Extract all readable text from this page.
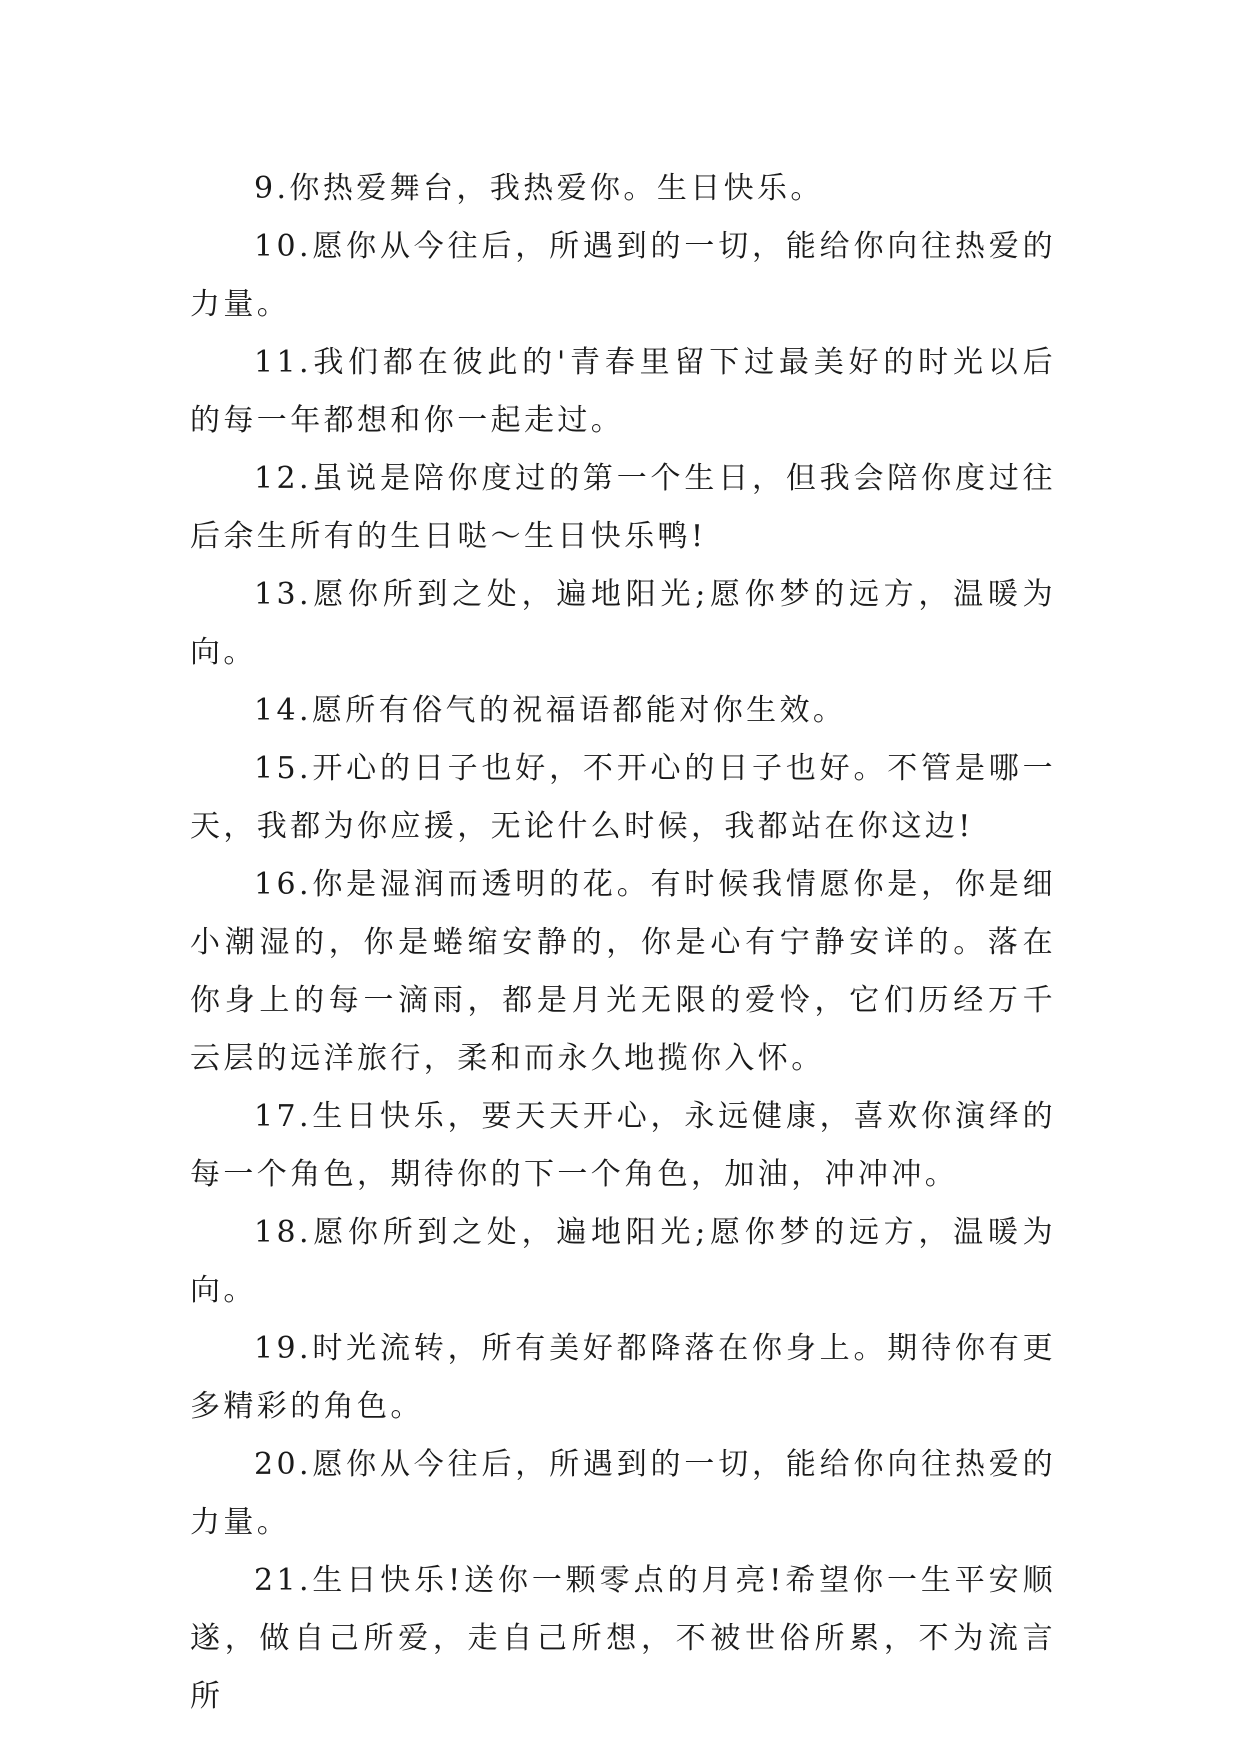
9.你热爱舞台，我热爱你。生日快乐。

10.愿你从今往后，所遇到的一切，能给你向往热爱的力量。

11.我们都在彼此的'青春里留下过最美好的时光以后的每一年都想和你一起走过。

12.虽说是陪你度过的第一个生日，但我会陪你度过往后余生所有的生日哒～生日快乐鸭!

13.愿你所到之处，遍地阳光;愿你梦的远方，温暖为向。

14.愿所有俗气的祝福语都能对你生效。

15.开心的日子也好，不开心的日子也好。不管是哪一天，我都为你应援，无论什么时候，我都站在你这边!

16.你是湿润而透明的花。有时候我情愿你是，你是细小潮湿的，你是蜷缩安静的，你是心有宁静安详的。落在你身上的每一滴雨，都是月光无限的爱怜，它们历经万千云层的远洋旅行，柔和而永久地揽你入怀。

17.生日快乐，要天天开心，永远健康，喜欢你演绎的每一个角色，期待你的下一个角色，加油，冲冲冲。

18.愿你所到之处，遍地阳光;愿你梦的远方，温暖为向。

19.时光流转，所有美好都降落在你身上。期待你有更多精彩的角色。

20.愿你从今往后，所遇到的一切，能给你向往热爱的力量。

21.生日快乐!送你一颗零点的月亮!希望你一生平安顺遂，做自己所爱，走自己所想，不被世俗所累，不为流言所
